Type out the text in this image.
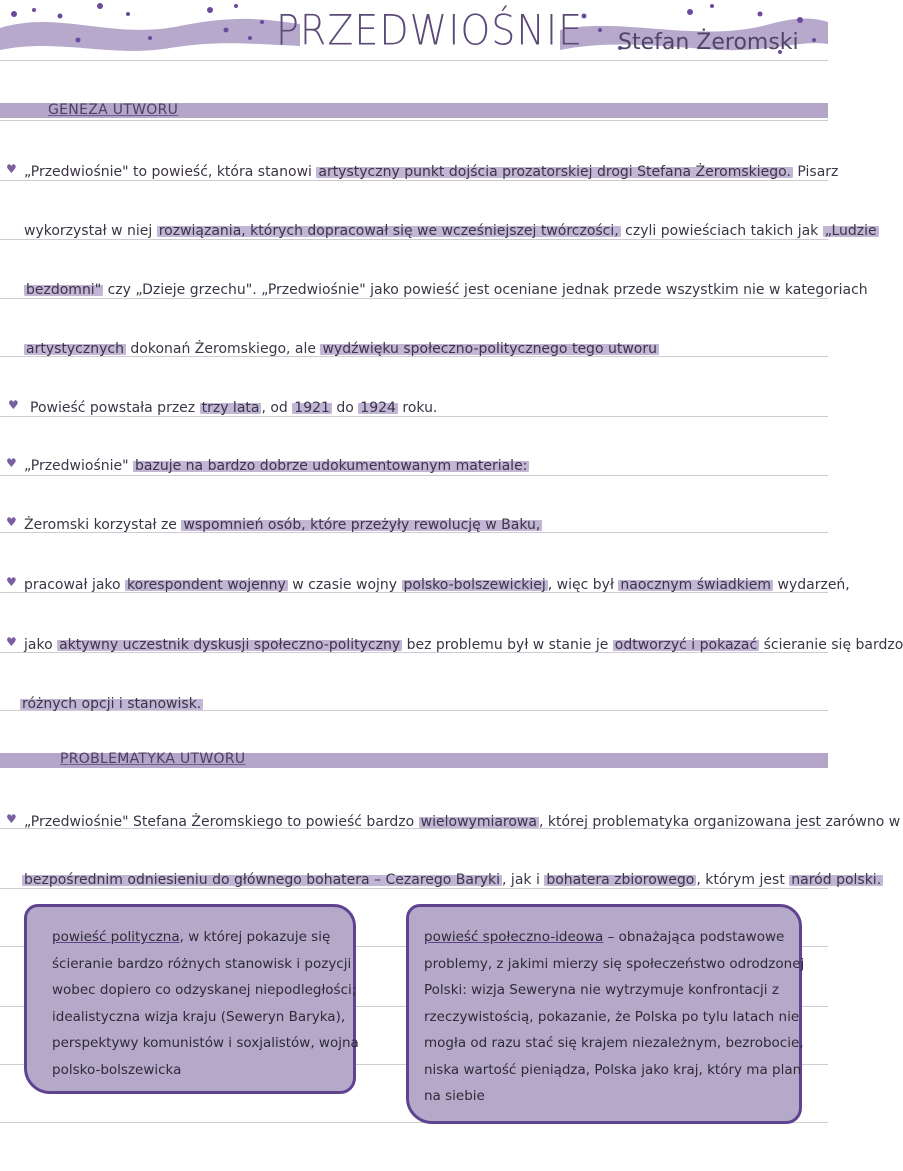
PRZEDWIOŚNIE Stefan Żeromski
GENEZA UTWORU
♥ „Przedwiośnie" to powieść, która stanowi artystyczny punkt dojścia prozatorskiej drogi Stefana Żeromskiego. Pisarz
wykorzystał w niej rozwiązania, których dopracował się we wcześniejszej twórczości, czyli powieściach takich jak „Ludzie
bezdomni" czy „Dzieje grzechu". „Przedwiośnie" jako powieść jest oceniane jednak przede wszystkim nie w kategoriach
artystycznych dokonań Żeromskiego, ale wydźwięku społeczno-politycznego tego utworu
♥ Powieść powstała przez trzy lata , od 1921 do 1924 roku.
♥ „Przedwiośnie" bazuje na bardzo dobrze udokumentowanym materiale:
♥ Żeromski korzystał ze wspomnień osób, które przeżyły rewolucję w Baku,
♥ pracował jako korespondent wojenny w czasie wojny polsko-bolszewickiej , więc był naocznym świadkiem wydarzeń,
♥ jako aktywny uczestnik dyskusji społeczno-polityczny bez problemu był w stanie je odtworzyć i pokazać ścieranie się bardzo
różnych opcji i stanowisk.
PROBLEMATYKA UTWORU
♥ „Przedwiośnie" Stefana Żeromskiego to powieść bardzo wielowymiarowa , której problematyka organizowana jest zarówno w
bezpośrednim odniesieniu do głównego bohatera – Cezarego Baryki , jak i bohatera zbiorowego , którym jest naród polski.
powieść polityczna, w której pokazuje się
ścieranie bardzo różnych stanowisk i pozycji
wobec dopiero co odzyskanej niepodległości;
idealistyczna wizja kraju (Seweryn Baryka),
perspektywy komunistów i soxjalistów, wojna
polsko-bolszewicka
powieść społeczno-ideowa – obnażająca podstawowe
problemy, z jakimi mierzy się społeczeństwo odrodzonej
Polski: wizja Seweryna nie wytrzymuje konfrontacji z
rzeczywistością, pokazanie, że Polska po tylu latach nie
mogła od razu stać się krajem niezależnym, bezrobocie,
niska wartość pieniądza, Polska jako kraj, który ma plan
na siebie
